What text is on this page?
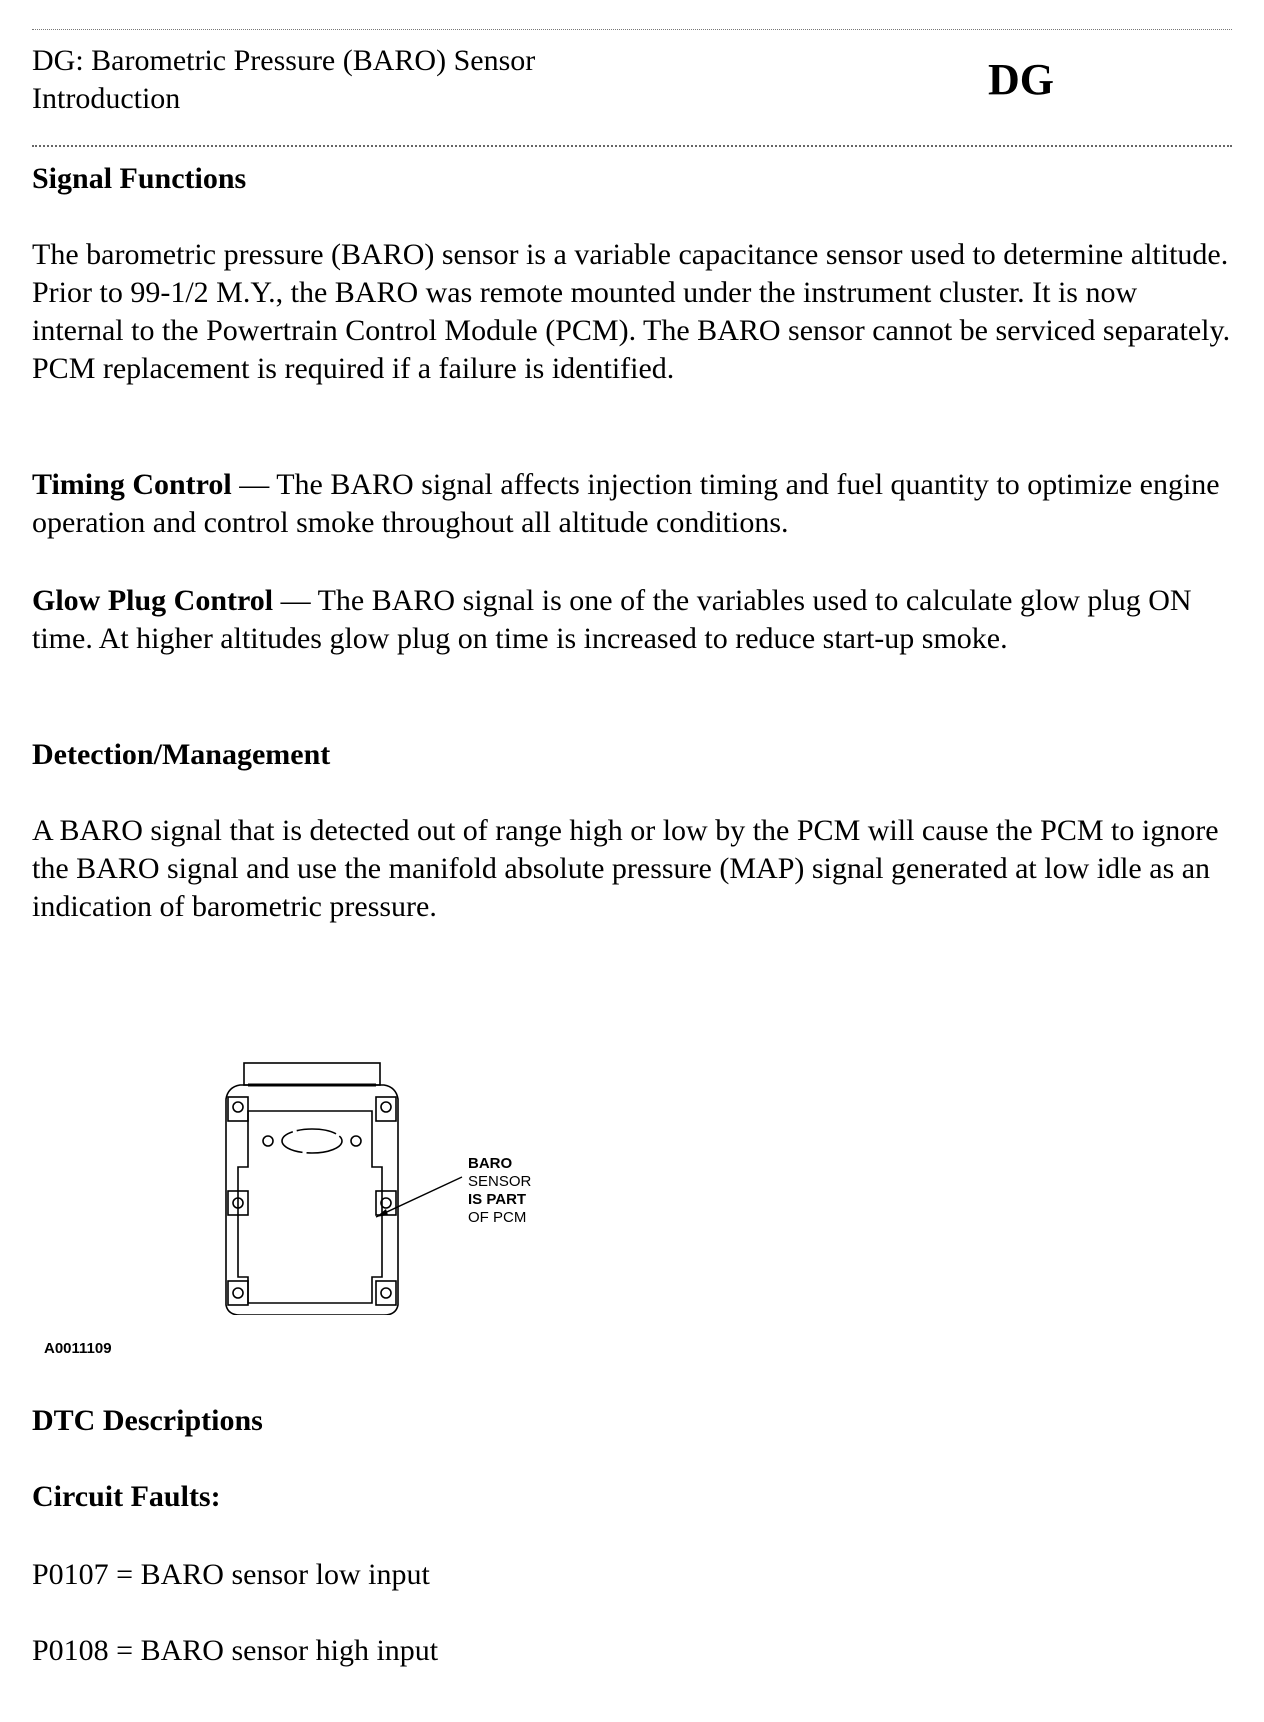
DG: Barometric Pressure (BARO) Sensor
Introduction	DG
Signal Functions

The barometric pressure (BARO) sensor is a variable capacitance sensor used to determine altitude. Prior to 99-1/2 M.Y., the BARO was remote mounted under the instrument cluster. It is now internal to the Powertrain Control Module (PCM). The BARO sensor cannot be serviced separately. PCM replacement is required if a failure is identified.

Timing Control — The BARO signal affects injection timing and fuel quantity to optimize engine operation and control smoke throughout all altitude conditions.

Glow Plug Control — The BARO signal is one of the variables used to calculate glow plug ON time. At higher altitudes glow plug on time is increased to reduce start-up smoke.

Detection/Management

A BARO signal that is detected out of range high or low by the PCM will cause the PCM to ignore the BARO signal and use the manifold absolute pressure (MAP) signal generated at low idle as an indication of barometric pressure.

BARO
SENSOR
IS PART
OF PCM
A0011109
DTC Descriptions
Circuit Faults:
P0107 = BARO sensor low input
P0108 = BARO sensor high input
